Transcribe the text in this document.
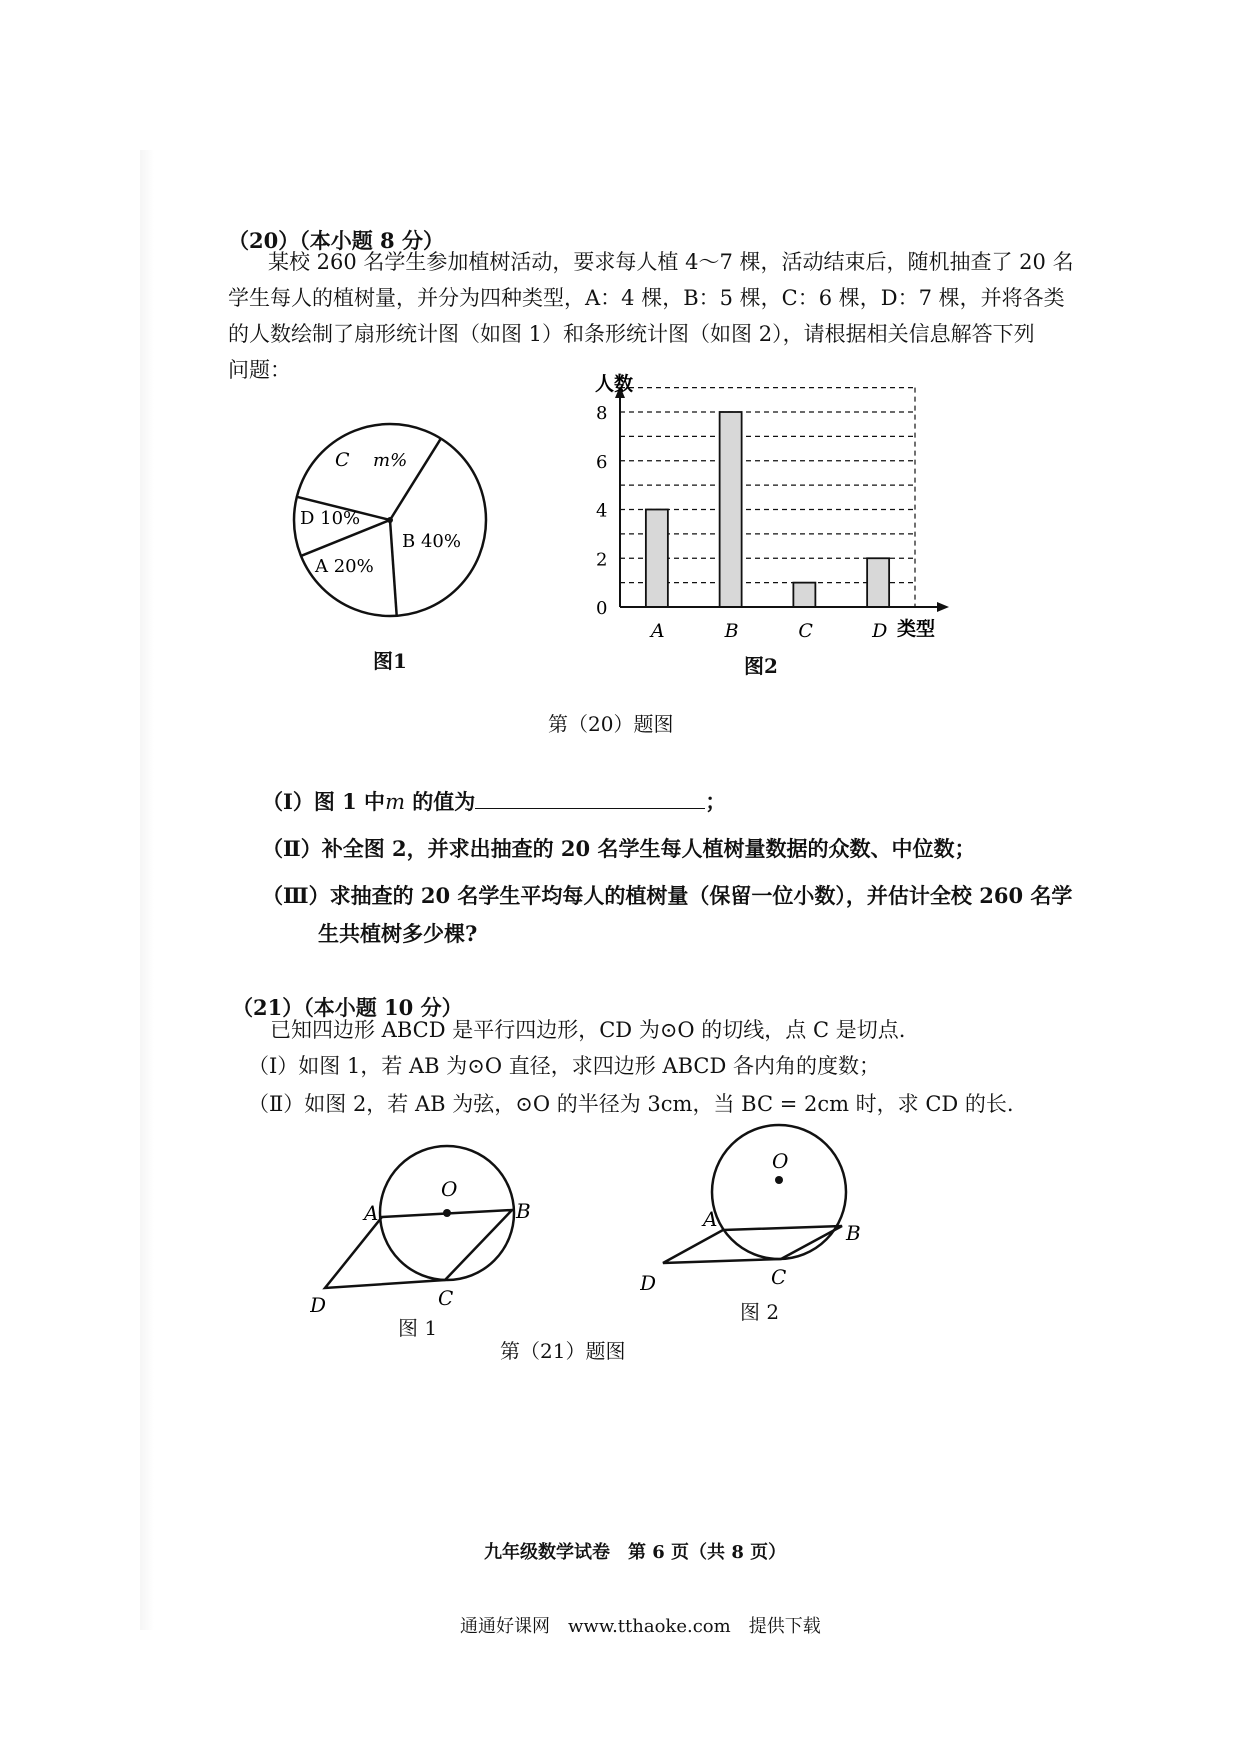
（20）（本小题 8 分）
某校 260 名学生参加植树活动，要求每人植 4～7 棵，活动结束后，随机抽查了 20 名
学生每人的植树量，并分为四种类型，A：4 棵，B：5 棵，C：6 棵，D：7 棵，并将各类
的人数绘制了扇形统计图（如图 1）和条形统计图（如图 2），请根据相关信息解答下列
问题：
C m%
D 10%
A 20%
B 40%
图1
0
2
4
6
8
A	B	C	D
人数
类型
图2
第（20）题图
（Ⅰ）图 1 中m 的值为	；
（Ⅱ）补全图 2，并求出抽查的 20 名学生每人植树量数据的众数、中位数；
（Ⅲ）求抽查的 20 名学生平均每人的植树量（保留一位小数），并估计全校 260 名学
生共植树多少棵?
（21）（本小题 10 分）
已知四边形 ABCD 是平行四边形，CD 为⊙O 的切线，点 C 是切点.
（Ⅰ）如图 1，若 AB 为⊙O 直径，求四边形 ABCD 各内角的度数；
（Ⅱ）如图 2，若 AB 为弦，⊙O 的半径为 3cm，当 BC = 2cm 时，求 CD 的长.
O
A	B
C
D
图 1
O
A
B
C
D
图 2
第（21）题图
九年级数学试卷　第 6 页（共 8 页）
通通好课网　www.tthaoke.com　提供下载
